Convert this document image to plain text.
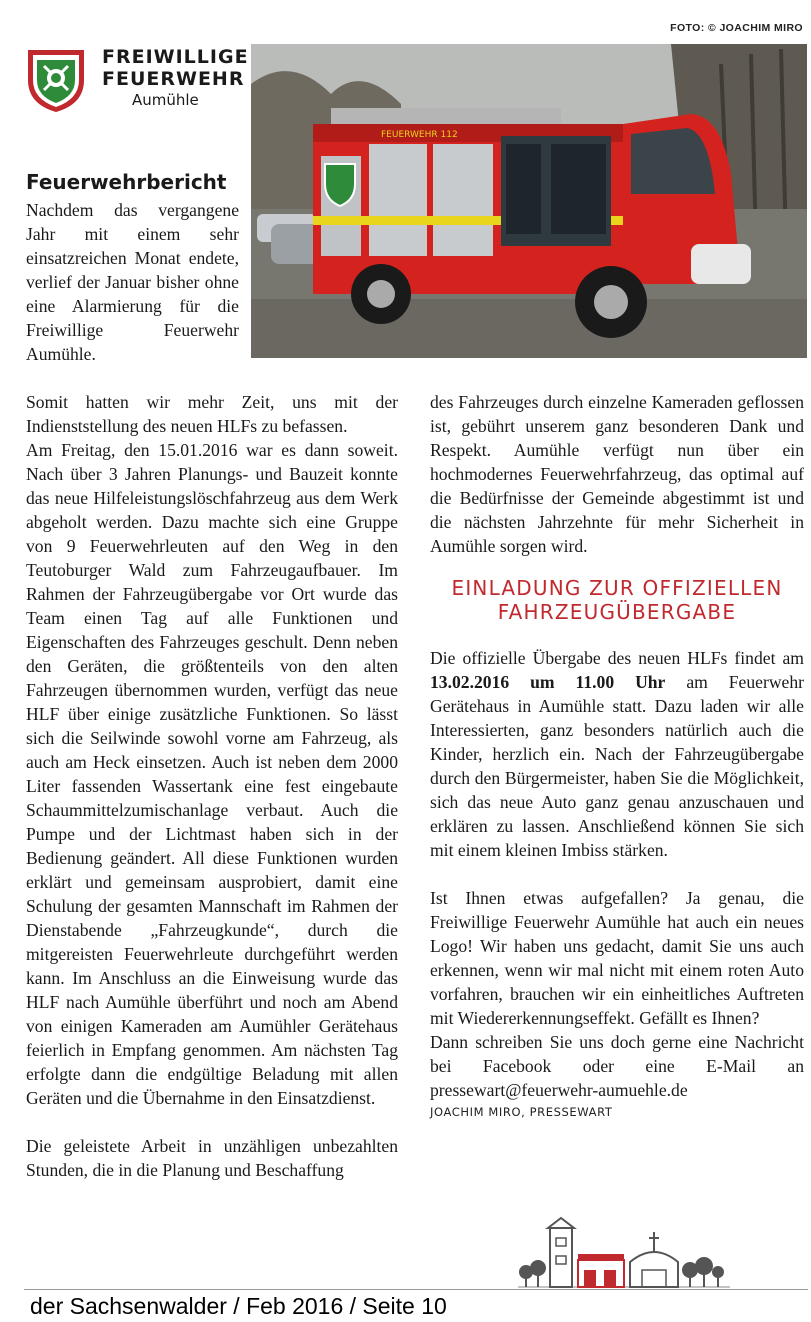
FOTO: © JOACHIM MIRO
FREIWILLIGE
FEUERWEHR
Aumühle
FEUERWEHR 112
Feuerwehrbericht

Nachdem das vergangene Jahr mit einem sehr einsatzreichen Monat endete, verlief der Januar bisher ohne eine Alarmierung für die Freiwillige Feuerwehr Aumühle.

Somit hatten wir mehr Zeit, uns mit der Indienststellung des neuen HLFs zu befassen.

Am Freitag, den 15.01.2016 war es dann soweit. Nach über 3 Jahren Planungs- und Bauzeit konnte das neue Hilfeleistungslöschfahrzeug aus dem Werk abgeholt werden. Dazu machte sich eine Gruppe von 9 Feuerwehrleuten auf den Weg in den Teutoburger Wald zum Fahrzeugaufbauer. Im Rahmen der Fahrzeugübergabe vor Ort wurde das Team einen Tag auf alle Funktionen und Eigenschaften des Fahrzeuges geschult. Denn neben den Geräten, die größtenteils von den alten Fahrzeugen übernommen wurden, verfügt das neue HLF über einige zusätzliche Funktionen. So lässt sich die Seilwinde sowohl vorne am Fahrzeug, als auch am Heck einsetzen. Auch ist neben dem 2000 Liter fassenden Wassertank eine fest eingebaute Schaummittelzumischanlage verbaut. Auch die Pumpe und der Lichtmast haben sich in der Bedienung geändert. All diese Funktionen wurden erklärt und gemeinsam ausprobiert, damit eine Schulung der gesamten Mannschaft im Rahmen der Dienstabende „Fahrzeugkunde“, durch die mitgereisten Feuerwehrleute durchgeführt werden kann. Im Anschluss an die Einweisung wurde das HLF nach Aumühle überführt und noch am Abend von einigen Kameraden am Aumühler Gerätehaus feierlich in Empfang genommen. Am nächsten Tag erfolgte dann die endgültige Beladung mit allen Geräten und die Übernahme in den Einsatzdienst.

Die geleistete Arbeit in unzähligen unbezahlten Stunden, die in die Planung und Beschaffung

des Fahrzeuges durch einzelne Kameraden geflossen ist, gebührt unserem ganz besonderen Dank und Respekt. Aumühle verfügt nun über ein hochmodernes Feuerwehrfahrzeug, das optimal auf die Bedürfnisse der Gemeinde abgestimmt ist und die nächsten Jahrzehnte für mehr Sicherheit in Aumühle sorgen wird.

EINLADUNG ZUR OFFIZIELLEN
FAHRZEUGÜBERGABE

Die offizielle Übergabe des neuen HLFs findet am 13.02.2016 um 11.00 Uhr am Feuerwehr Gerätehaus in Aumühle statt. Dazu laden wir alle Interessierten, ganz besonders natürlich auch die Kinder, herzlich ein. Nach der Fahrzeugübergabe durch den Bürgermeister, haben Sie die Möglichkeit, sich das neue Auto ganz genau anzuschauen und erklären zu lassen. Anschließend können Sie sich mit einem kleinen Imbiss stärken.

Ist Ihnen etwas aufgefallen? Ja genau, die Freiwillige Feuerwehr Aumühle hat auch ein neues Logo! Wir haben uns gedacht, damit Sie uns auch erkennen, wenn wir mal nicht mit einem roten Auto vorfahren, brauchen wir ein einheitliches Auftreten mit Wiedererkennungseffekt. Gefällt es Ihnen?

Dann schreiben Sie uns doch gerne eine Nachricht bei Facebook oder eine E-Mail an pressewart@feuerwehr-aumuehle.de

JOACHIM MIRO, PRESSEWART
der Sachsenwalder / Feb 2016 / Seite 10
